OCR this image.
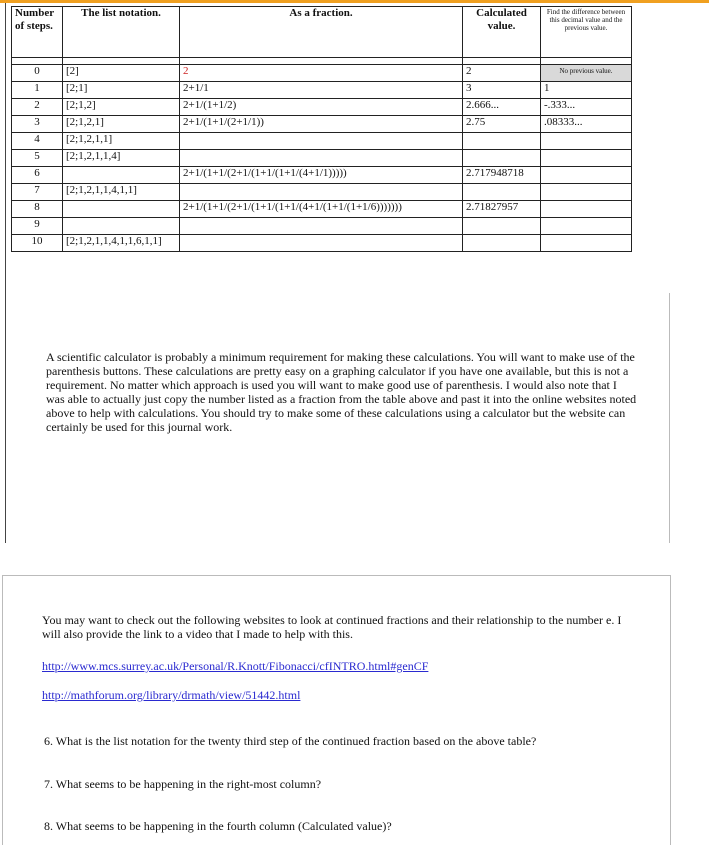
Number of steps.	The list notation.	As a fraction.	Calculated value.	Find the difference between this decimal value and the previous value.

0	[2]	2	2	No previous value.
1	[2;1]	2+1/1	3	1
2	[2;1,2]	2+1/(1+1/2)	2.666...	-.333...
3	[2;1,2,1]	2+1/(1+1/(2+1/1))	2.75	.08333...
4	[2;1,2,1,1]			
5	[2;1,2,1,1,4]			
6		2+1/(1+1/(2+1/(1+1/(1+1/(4+1/1)))))	2.717948718	
7	[2;1,2,1,1,4,1,1]			
8		2+1/(1+1/(2+1/(1+1/(1+1/(4+1/(1+1/(1+1/6)))))))	2.71827957	
9				
10	[2;1,2,1,1,4,1,1,6,1,1]			
A scientific calculator is probably a minimum requirement for making these calculations. You will want to make use of the parenthesis buttons. These calculations are pretty easy on a graphing calculator if you have one available, but this is not a requirement. No matter which approach is used you will want to make good use of parenthesis. I would also note that I was able to actually just copy the number listed as a fraction from the table above and past it into the online websites noted above to help with calculations. You should try to make some of these calculations using a calculator but the website can certainly be used for this journal work.
You may want to check out the following websites to look at continued fractions and their relationship to the number e. I will also provide the link to a video that I made to help with this.
http://www.mcs.surrey.ac.uk/Personal/R.Knott/Fibonacci/cfINTRO.html#genCF
http://mathforum.org/library/drmath/view/51442.html
6. What is the list notation for the twenty third step of the continued fraction based on the above table?
7. What seems to be happening in the right-most column?
8. What seems to be happening in the fourth column (Calculated value)?
